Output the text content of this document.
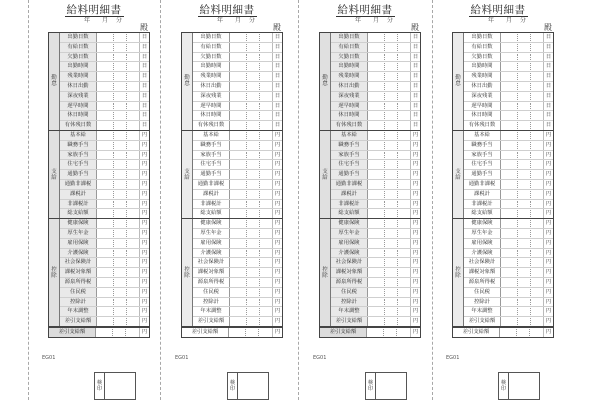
給料明細書
年 月 分
殿
勤 怠
出勤日数	日
有給日数	日
欠勤日数	日
出勤時間	日
残業時間	日
休日出勤	日
深夜残業	日
遅早時間	日
休日時間	日
有休残日数	日
支 給
基本給	円
職務手当	円
家族手当	円
住宅手当	円
通勤手当	円
通勤非課税	円
課税計	円
非課税計	円
総支給額	円
控 除
健康保険	円
厚生年金	円
雇用保険	円
介護保険	円
社会保険計	円
課税対象額	円
源泉所得税	円
住民税	円
控除計	円
年末調整	円
差引支給額	円
差引支給額	円
EG01
検印
給料明細書
年 月 分
殿
勤 怠
出勤日数	日
有給日数	日
欠勤日数	日
出勤時間	日
残業時間	日
休日出勤	日
深夜残業	日
遅早時間	日
休日時間	日
有休残日数	日
支 給
基本給	円
職務手当	円
家族手当	円
住宅手当	円
通勤手当	円
通勤非課税	円
課税計	円
非課税計	円
総支給額	円
控 除
健康保険	円
厚生年金	円
雇用保険	円
介護保険	円
社会保険計	円
課税対象額	円
源泉所得税	円
住民税	円
控除計	円
年末調整	円
差引支給額	円
差引支給額	円
EG01
検印
給料明細書
年 月 分
殿
勤 怠
出勤日数	日
有給日数	日
欠勤日数	日
出勤時間	日
残業時間	日
休日出勤	日
深夜残業	日
遅早時間	日
休日時間	日
有休残日数	日
支 給
基本給	円
職務手当	円
家族手当	円
住宅手当	円
通勤手当	円
通勤非課税	円
課税計	円
非課税計	円
総支給額	円
控 除
健康保険	円
厚生年金	円
雇用保険	円
介護保険	円
社会保険計	円
課税対象額	円
源泉所得税	円
住民税	円
控除計	円
年末調整	円
差引支給額	円
差引支給額	円
EG01
検印
給料明細書
年 月 分
殿
勤 怠
出勤日数	日
有給日数	日
欠勤日数	日
出勤時間	日
残業時間	日
休日出勤	日
深夜残業	日
遅早時間	日
休日時間	日
有休残日数	日
支 給
基本給	円
職務手当	円
家族手当	円
住宅手当	円
通勤手当	円
通勤非課税	円
課税計	円
非課税計	円
総支給額	円
控 除
健康保険	円
厚生年金	円
雇用保険	円
介護保険	円
社会保険計	円
課税対象額	円
源泉所得税	円
住民税	円
控除計	円
年末調整	円
差引支給額	円
差引支給額	円
EG01
検印
